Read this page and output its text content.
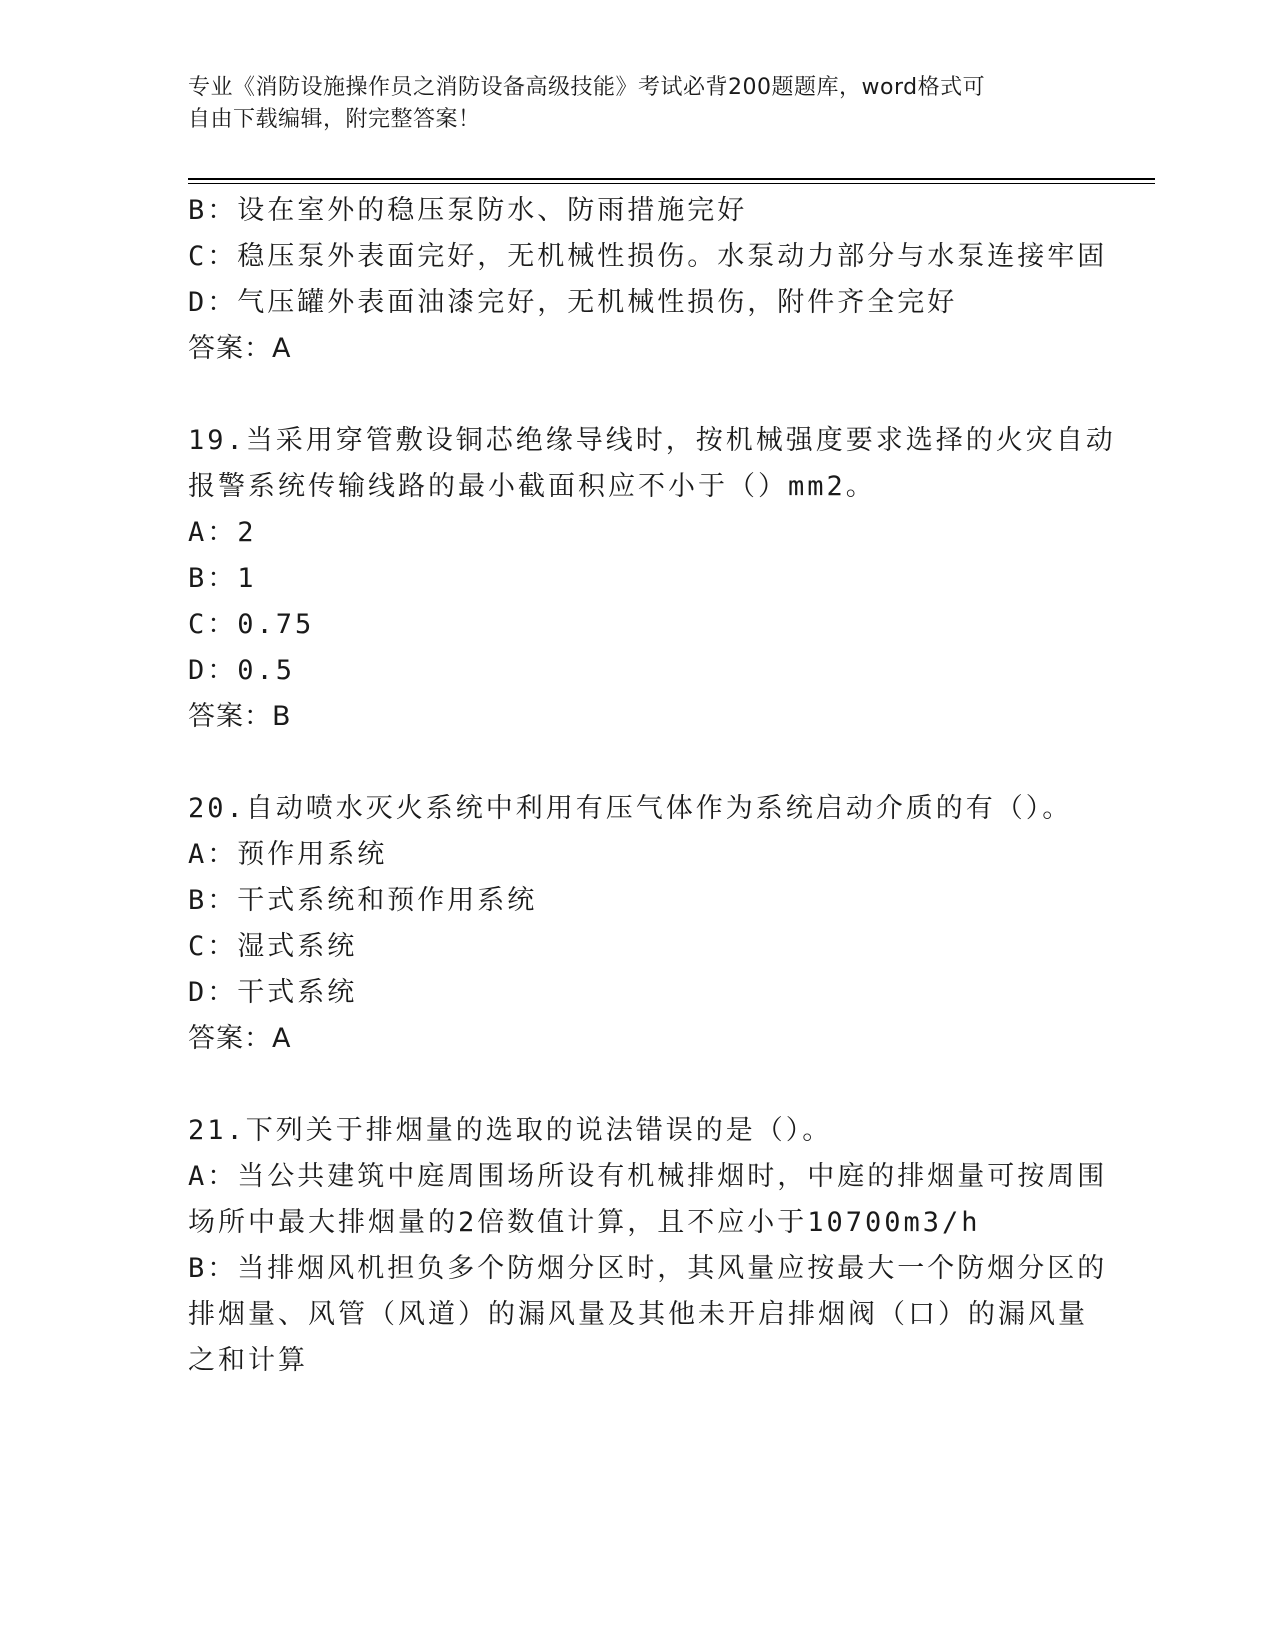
专业《消防设施操作员之消防设备高级技能》考试必背200题题库，word格式可
自由下载编辑，附完整答案！
B：设在室外的稳压泵防水、防雨措施完好
C：稳压泵外表面完好，无机械性损伤。水泵动力部分与水泵连接牢固
D：气压罐外表面油漆完好，无机械性损伤，附件齐全完好
答案：A
19.当采用穿管敷设铜芯绝缘导线时，按机械强度要求选择的火灾自动
报警系统传输线路的最小截面积应不小于（）mm2。
A：2
B：1
C：0.75
D：0.5
答案：B
20.自动喷水灭火系统中利用有压气体作为系统启动介质的有（）。
A：预作用系统
B：干式系统和预作用系统
C：湿式系统
D：干式系统
答案：A
21.下列关于排烟量的选取的说法错误的是（）。
A：当公共建筑中庭周围场所设有机械排烟时，中庭的排烟量可按周围
场所中最大排烟量的2倍数值计算，且不应小于10700m3/h
B：当排烟风机担负多个防烟分区时，其风量应按最大一个防烟分区的
排烟量、风管（风道）的漏风量及其他未开启排烟阀（口）的漏风量
之和计算
